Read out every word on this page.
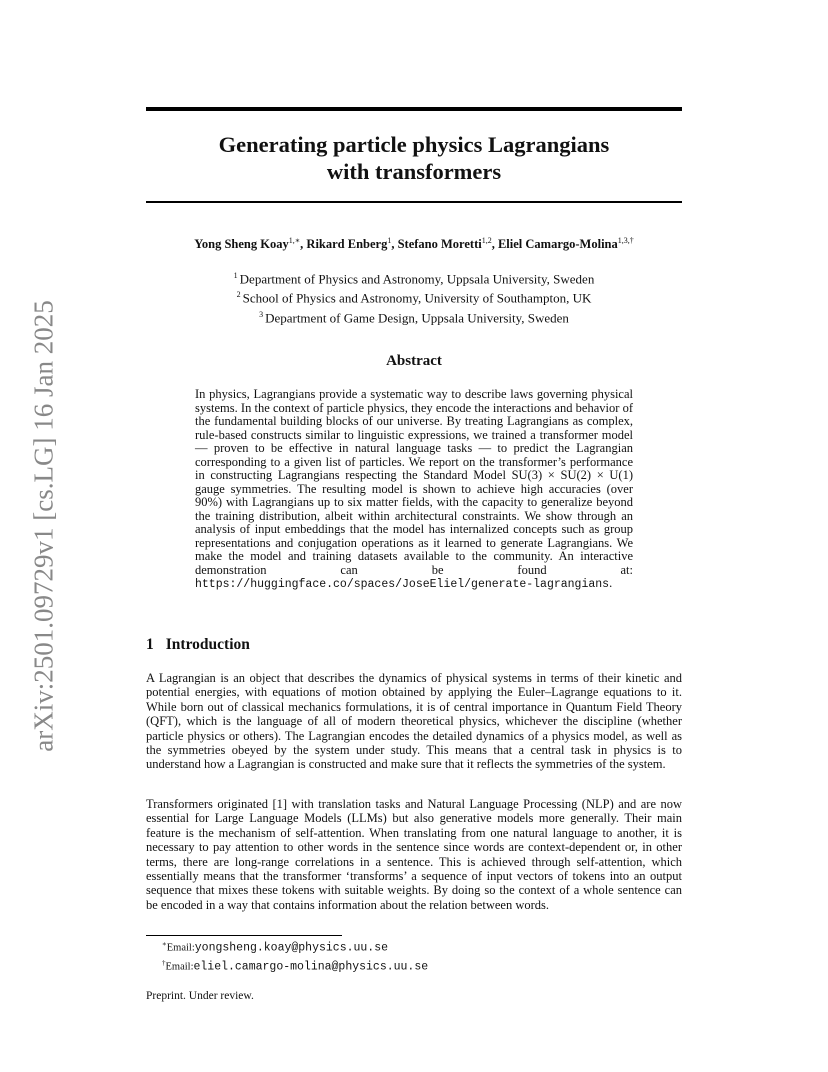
arXiv:2501.09729v1 [cs.LG] 16 Jan 2025
Generating particle physics Lagrangians
with transformers
Yong Sheng Koay$^{1,∗}$, Rikard Enberg$^1$, Stefano Moretti$^{1,2}$, Eliel Camargo-Molina$^{1,3,\dagger}$
$^1$ Department of Physics and Astronomy, Uppsala University, Sweden
$^2$ School of Physics and Astronomy, University of Southampton, UK
$^3$ Department of Game Design, Uppsala University, Sweden
Abstract
In physics, Lagrangians provide a systematic way to describe laws governing physical systems. In the context of particle physics, they encode the interactions and behavior of the fundamental building blocks of our universe. By treating Lagrangians as complex, rule-based constructs similar to linguistic expressions, we trained a transformer model — proven to be effective in natural language tasks — to predict the Lagrangian corresponding to a given list of particles. We report on the transformer’s performance in constructing Lagrangians respecting the Standard Model SU(3) × SU(2) × U(1) gauge symmetries. The resulting model is shown to achieve high accuracies (over 90%) with Lagrangians up to six matter fields, with the capacity to generalize beyond the training distribution, albeit within architectural constraints. We show through an analysis of input embeddings that the model has internalized concepts such as group representations and conjugation operations as it learned to generate Lagrangians. We make the model and training datasets available to the community. An interactive demonstration can be found at: https://huggingface.co/spaces/JoseEliel/generate-lagrangians.
1 Introduction
A Lagrangian is an object that describes the dynamics of physical systems in terms of their kinetic and potential energies, with equations of motion obtained by applying the Euler–Lagrange equations to it. While born out of classical mechanics formulations, it is of central importance in Quantum Field Theory (QFT), which is the language of all of modern theoretical physics, whichever the discipline (whether particle physics or others). The Lagrangian encodes the detailed dynamics of a physics model, as well as the symmetries obeyed by the system under study. This means that a central task in physics is to understand how a Lagrangian is constructed and make sure that it reflects the symmetries of the system.
Transformers originated [1] with translation tasks and Natural Language Processing (NLP) and are now essential for Large Language Models (LLMs) but also generative models more generally. Their main feature is the mechanism of self-attention. When translating from one natural language to another, it is necessary to pay attention to other words in the sentence since words are context-dependent or, in other terms, there are long-range correlations in a sentence. This is achieved through self-attention, which essentially means that the transformer ‘transforms’ a sequence of input vectors of tokens into an output sequence that mixes these tokens with suitable weights. By doing so the context of a whole sentence can be encoded in a way that contains information about the relation between words.
∗Email:yongsheng.koay@physics.uu.se
†Email:eliel.camargo-molina@physics.uu.se
Preprint. Under review.
